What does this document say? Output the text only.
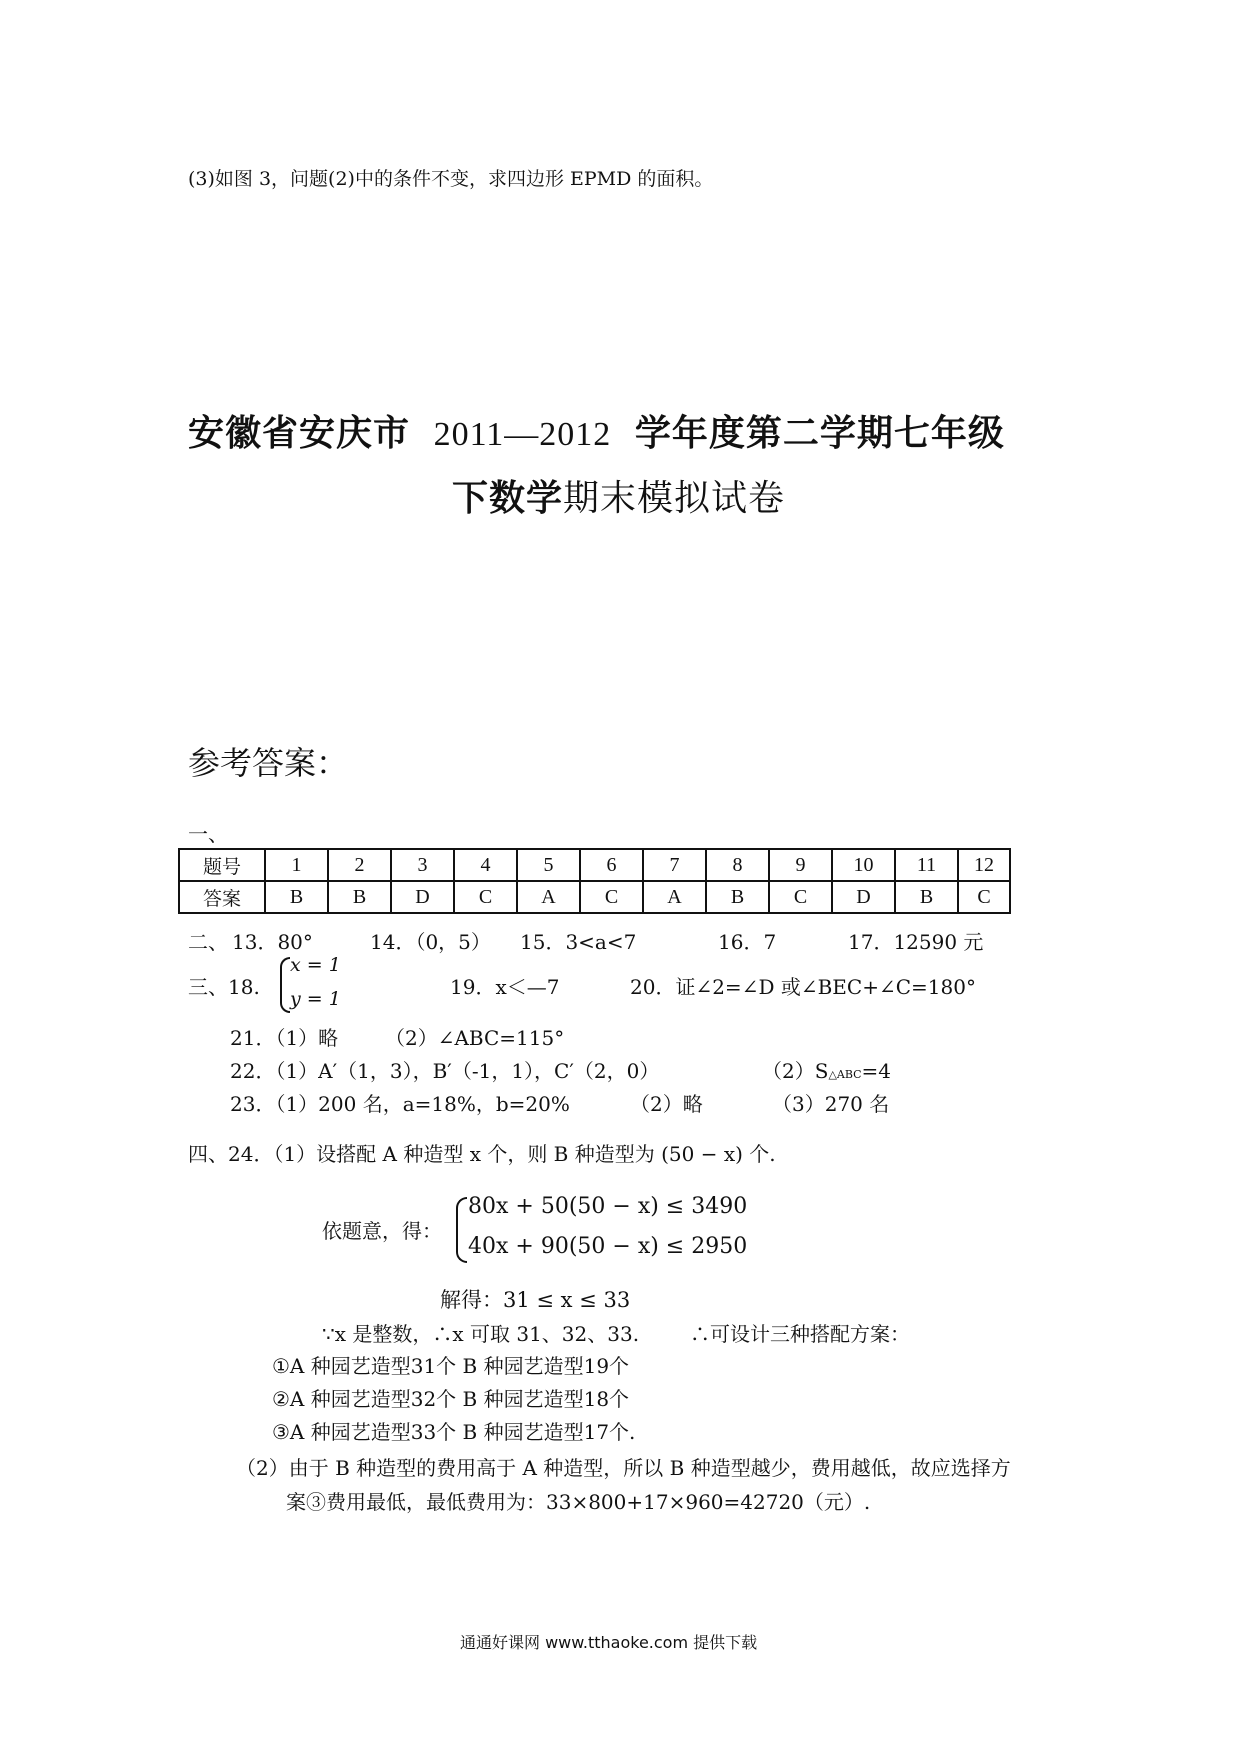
(3)如图 3，问题(2)中的条件不变，求四边形 EPMD 的面积。
安徽省安庆市 2011—2012 学年度第二学期七年级
下数学期末模拟试卷
参考答案：
一、
题号	1	2	3	4	5	6	7	8	9	10	11	12
答案	B	B	D	C	A	C	A	B	C	D	B	C
二、 13．80°	14．（0，5） 15．3<a<7	16．7	17．12590 元
三、18.
x = 1
y = 1	19．x＜—7	20．证∠2=∠D 或∠BEC+∠C=180°
21．（1）略 （2）∠ABC=115°
22．（1）A′（1，3），B′（-1，1），C′（2，0）	（2）S△ABC=4
23．（1）200 名，a=18%，b=20%	（2）略	（3）270 名
四、24．（1）设搭配 A 种造型 x 个，则 B 种造型为 (50 − x) 个.
依题意，得：
80x + 50(50 − x) ≤ 3490
40x + 90(50 − x) ≤ 2950
解得：31 ≤ x ≤ 33
∵x 是整数，∴x 可取 31、32、33.	∴可设计三种搭配方案：
①A 种园艺造型31个 B 种园艺造型19个
②A 种园艺造型32个 B 种园艺造型18个
③A 种园艺造型33个 B 种园艺造型17个.
（2）由于 B 种造型的费用高于 A 种造型，所以 B 种造型越少，费用越低，故应选择方
案③费用最低，最低费用为：33×800+17×960=42720（元）.
通通好课网 www.tthaoke.com 提供下载
